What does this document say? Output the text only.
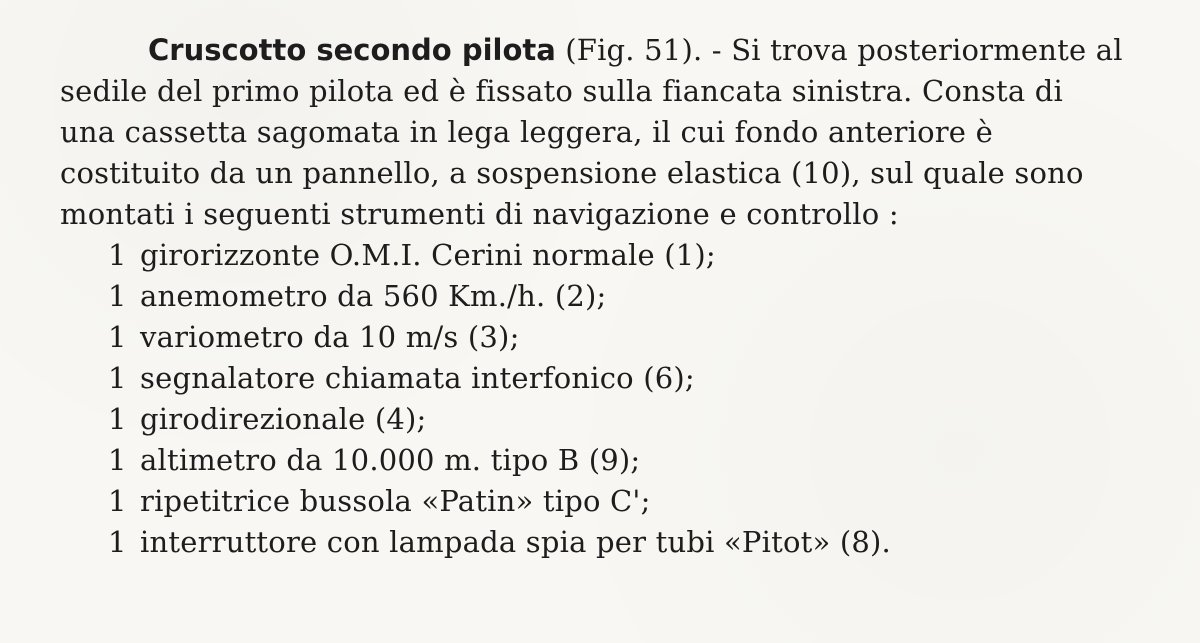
Cruscotto secondo pilota (Fig. 51). - Si trova posteriormente al
sedile del primo pilota ed è fissato sulla fiancata sinistra. Consta di
una cassetta sagomata in lega leggera, il cui fondo anteriore è
costituito da un pannello, a sospensione elastica (10), sul quale sono
montati i seguenti strumenti di navigazione e controllo :
1 girorizzonte O.M.I. Cerini normale (1);
1 anemometro da 560 Km./h. (2);
1 variometro da 10 m/s (3);
1 segnalatore chiamata interfonico (6);
1 girodirezionale (4);
1 altimetro da 10.000 m. tipo B (9);
1 ripetitrice bussola «Patin» tipo C';
1 interruttore con lampada spia per tubi «Pitot» (8).
